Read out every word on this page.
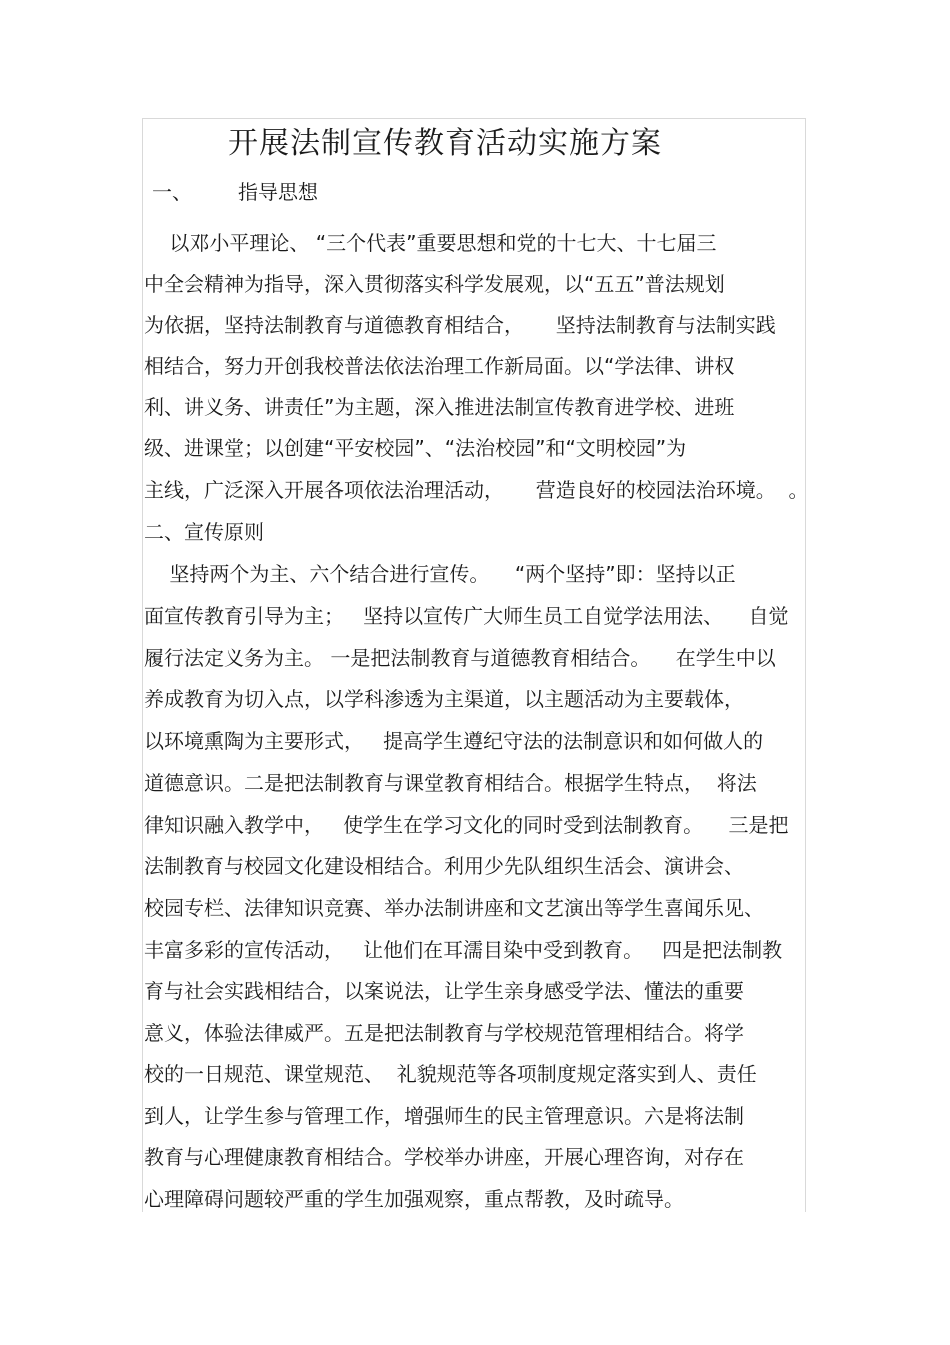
开展法制宣传教育活动实施方案
一、 指导思想
以邓小平理论、 “三个代表”重要思想和党的十七大、十七届三
中全会精神为指导，深入贯彻落实科学发展观，以“五五”普法规划
为依据，坚持法制教育与道德教育相结合，     坚持法制教育与法制实践
相结合，努力开创我校普法依法治理工作新局面。以“学法律、讲权
利、讲义务、讲责任”为主题，深入推进法制宣传教育进学校、进班
级、进课堂；以创建“平安校园”、“法治校园”和“文明校园”为
主线，广泛深入开展各项依法治理活动，     营造良好的校园法治环境。  。
二、宣传原则
坚持两个为主、六个结合进行宣传。    “两个坚持”即：坚持以正
面宣传教育引导为主；   坚持以宣传广大师生员工自觉学法用法、    自觉
履行法定义务为主。 一是把法制教育与道德教育相结合。    在学生中以
养成教育为切入点，以学科渗透为主渠道，以主题活动为主要载体，
以环境熏陶为主要形式，   提高学生遵纪守法的法制意识和如何做人的
道德意识。二是把法制教育与课堂教育相结合。根据学生特点，  将法
律知识融入教学中，   使学生在学习文化的同时受到法制教育。    三是把
法制教育与校园文化建设相结合。利用少先队组织生活会、演讲会、
校园专栏、法律知识竞赛、举办法制讲座和文艺演出等学生喜闻乐见、
丰富多彩的宣传活动，   让他们在耳濡目染中受到教育。   四是把法制教
育与社会实践相结合，以案说法，让学生亲身感受学法、懂法的重要
意义，体验法律威严。五是把法制教育与学校规范管理相结合。将学
校的一日规范、课堂规范、  礼貌规范等各项制度规定落实到人、责任
到人，让学生参与管理工作，增强师生的民主管理意识。六是将法制
教育与心理健康教育相结合。学校举办讲座，开展心理咨询，对存在
心理障碍问题较严重的学生加强观察，重点帮教，及时疏导。
